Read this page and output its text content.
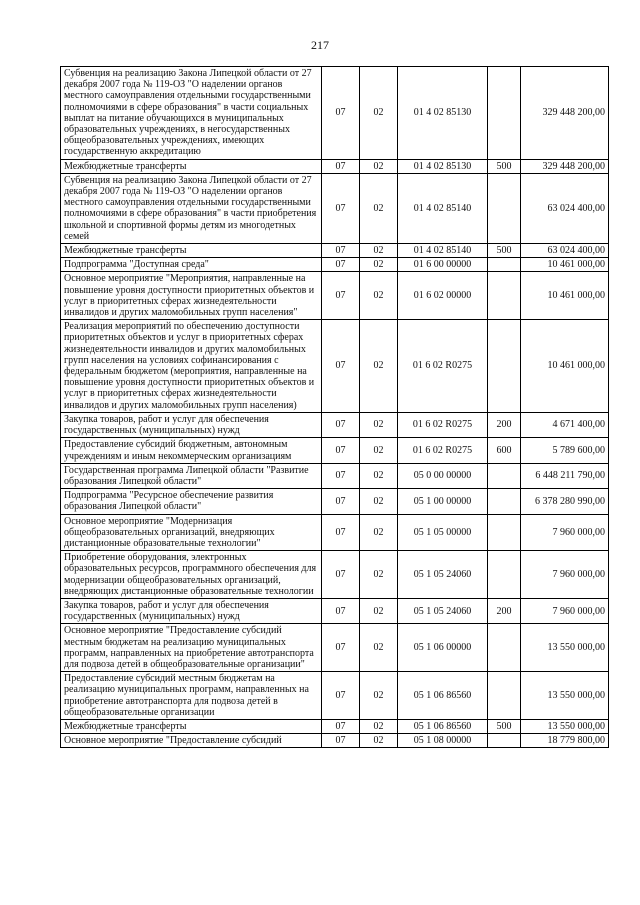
217
Субвенция на реализацию Закона Липецкой области от 27 декабря 2007 года № 119-ОЗ "О наделении органов местного самоуправления отдельными государственными полномочиями в сфере образования" в части социальных выплат на питание обучающихся в муниципальных образовательных учреждениях, в негосударственных общеобразовательных учреждениях, имеющих государственную аккредитацию	07	02	01 4 02 85130		329 448 200,00
Межбюджетные трансферты	07	02	01 4 02 85130	500	329 448 200,00
Субвенция на реализацию Закона Липецкой области от 27 декабря 2007 года № 119-ОЗ "О наделении органов местного самоуправления отдельными государственными полномочиями в сфере образования" в части приобретения школьной и спортивной формы детям из многодетных семей	07	02	01 4 02 85140		63 024 400,00
Межбюджетные трансферты	07	02	01 4 02 85140	500	63 024 400,00
Подпрограмма "Доступная среда"	07	02	01 6 00 00000		10 461 000,00
Основное мероприятие "Мероприятия, направленные на повышение уровня доступности приоритетных объектов и услуг в приоритетных сферах жизнедеятельности инвалидов и других маломобильных групп населения"	07	02	01 6 02 00000		10 461 000,00
Реализация мероприятий по обеспечению доступности приоритетных объектов и услуг в приоритетных сферах жизнедеятельности инвалидов и других маломобильных групп населения на условиях софинансирования с федеральным бюджетом (мероприятия, направленные на повышение уровня доступности приоритетных объектов и услуг в приоритетных сферах жизнедеятельности инвалидов и других маломобильных групп населения)	07	02	01 6 02 R0275		10 461 000,00
Закупка товаров, работ и услуг для обеспечения государственных (муниципальных) нужд	07	02	01 6 02 R0275	200	4 671 400,00
Предоставление субсидий бюджетным, автономным учреждениям и иным некоммерческим организациям	07	02	01 6 02 R0275	600	5 789 600,00
Государственная программа Липецкой области "Развитие образования Липецкой области"	07	02	05 0 00 00000		6 448 211 790,00
Подпрограмма "Ресурсное обеспечение развития образования Липецкой области"	07	02	05 1 00 00000		6 378 280 990,00
Основное мероприятие "Модернизация общеобразовательных организаций, внедряющих дистанционные образовательные технологии"	07	02	05 1 05 00000		7 960 000,00
Приобретение оборудования, электронных образовательных ресурсов, программного обеспечения для модернизации общеобразовательных организаций, внедряющих дистанционные образовательные технологии	07	02	05 1 05 24060		7 960 000,00
Закупка товаров, работ и услуг для обеспечения государственных (муниципальных) нужд	07	02	05 1 05 24060	200	7 960 000,00
Основное мероприятие "Предоставление субсидий местным бюджетам на реализацию муниципальных программ, направленных на приобретение автотранспорта для подвоза детей в общеобразовательные организации"	07	02	05 1 06 00000		13 550 000,00
Предоставление субсидий местным бюджетам на реализацию муниципальных программ, направленных на приобретение автотранспорта для подвоза детей в общеобразовательные организации	07	02	05 1 06 86560		13 550 000,00
Межбюджетные трансферты	07	02	05 1 06 86560	500	13 550 000,00
Основное мероприятие "Предоставление субсидий	07	02	05 1 08 00000		18 779 800,00
